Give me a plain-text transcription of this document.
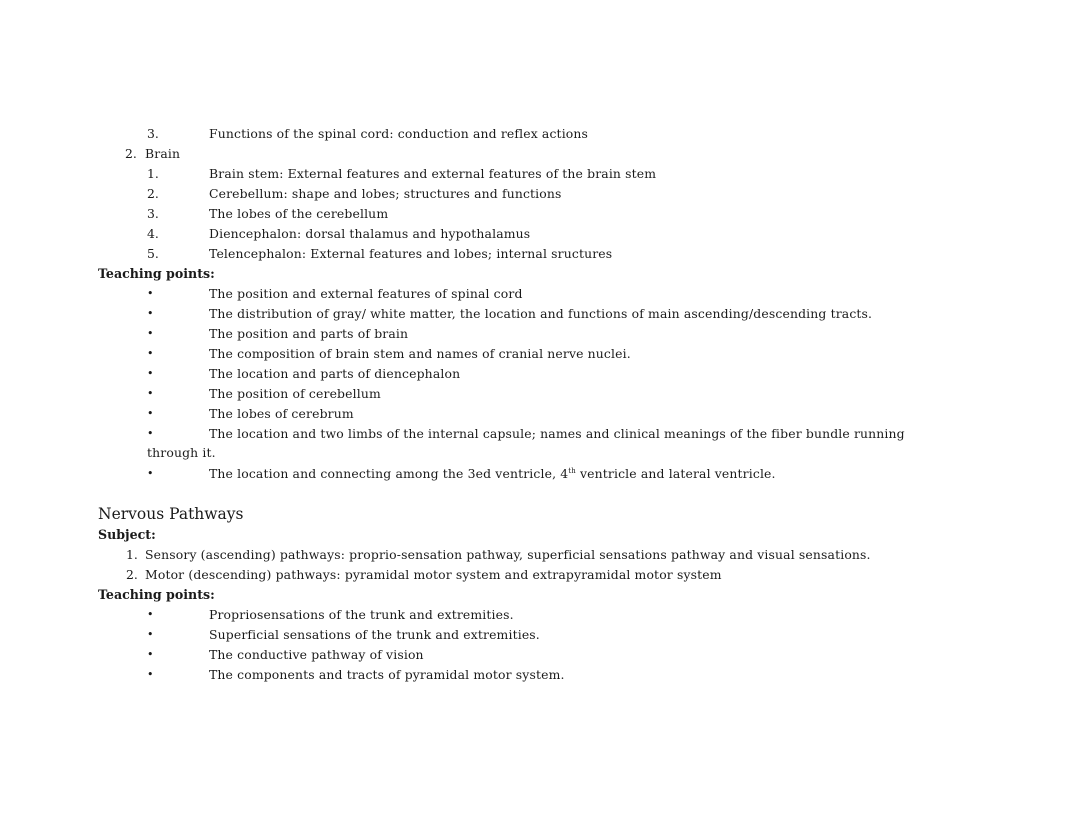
3.	Functions of the spinal cord: conduction and reflex actions
2. Brain
1.	Brain stem: External features and external features of the brain stem
2.	Cerebellum: shape and lobes; structures and functions
3.	The lobes of the cerebellum
4.	Diencephalon: dorsal thalamus and hypothalamus
5.	Telencephalon: External features and lobes; internal sructures
Teaching points:
•	The position and external features of spinal cord
•	The distribution of gray/ white matter, the location and functions of main ascending/descending tracts.
•	The position and parts of brain
•	The composition of brain stem and names of cranial nerve nuclei.
•	The location and parts of diencephalon
•	The position of cerebellum
•	The lobes of cerebrum
•	The location and two limbs of the internal capsule; names and clinical meanings of the fiber bundle running
through it.
•	The location and connecting among the 3ed ventricle, 4th ventricle and lateral ventricle.
Nervous Pathways
Subject:
1. Sensory (ascending) pathways: proprio-sensation pathway, superficial sensations pathway and visual sensations.
2. Motor (descending) pathways: pyramidal motor system and extrapyramidal motor system
Teaching points:
•	Propriosensations of the trunk and extremities.
•	Superficial sensations of the trunk and extremities.
•	The conductive pathway of vision
•	The components and tracts of pyramidal motor system.
